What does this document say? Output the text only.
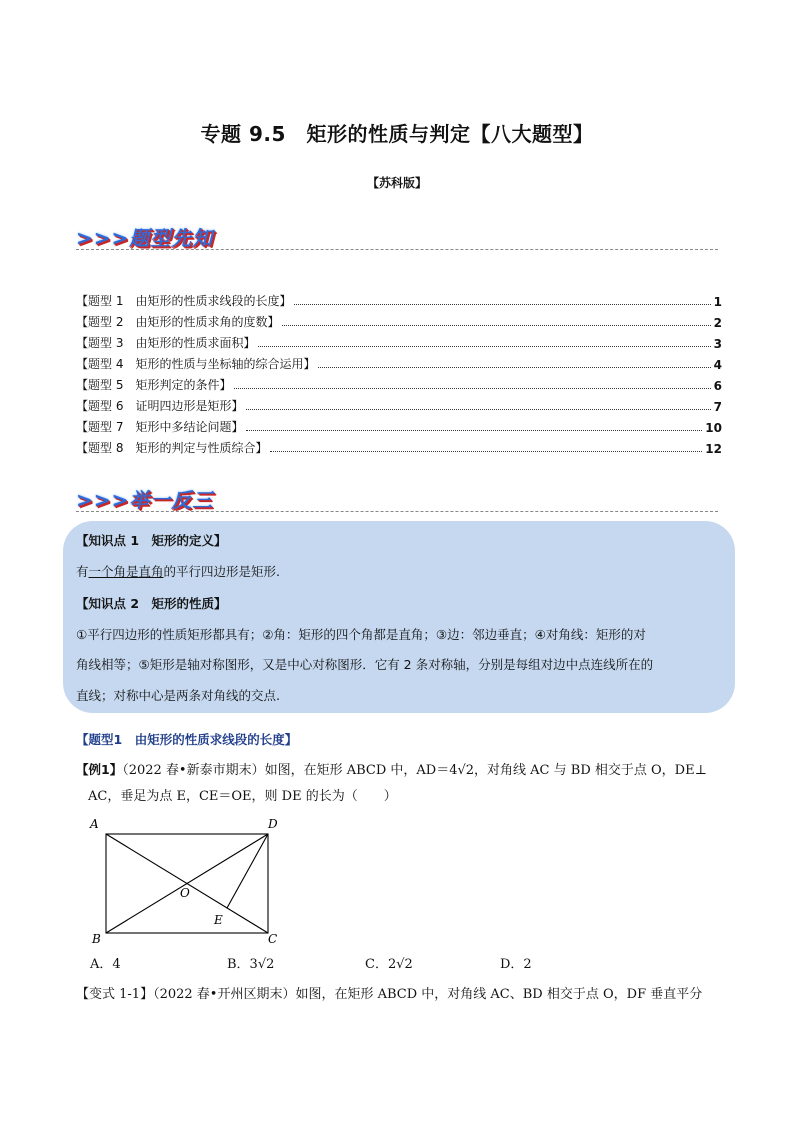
专题 9.5　矩形的性质与判定【八大题型】
【苏科版】
>>>题型先知
【题型 1　由矩形的性质求线段的长度】	1
【题型 2　由矩形的性质求角的度数】	2
【题型 3　由矩形的性质求面积】	3
【题型 4　矩形的性质与坐标轴的综合运用】	4
【题型 5　矩形判定的条件】	6
【题型 6　证明四边形是矩形】	7
【题型 7　矩形中多结论问题】	10
【题型 8　矩形的判定与性质综合】	12
>>>举一反三
【知识点 1　矩形的定义】
有一个角是直角的平行四边形是矩形.
【知识点 2　矩形的性质】
①平行四边形的性质矩形都具有；②角：矩形的四个角都是直角；③边：邻边垂直；④对角线：矩形的对
角线相等；⑤矩形是轴对称图形，又是中心对称图形．它有 2 条对称轴，分别是每组对边中点连线所在的
直线；对称中心是两条对角线的交点.
【题型1　由矩形的性质求线段的长度】
【例1】（2022 春•新泰市期末）如图，在矩形 ABCD 中，AD＝4√2，对角线 AC 与 BD 相交于点 O，DE⊥
AC，垂足为点 E，CE＝OE，则 DE 的长为（　　）
A	D
B	C
O
E
A．4	B．3√2	C．2√2	D．2
【变式 1-1】（2022 春•开州区期末）如图，在矩形 ABCD 中，对角线 AC、BD 相交于点 O，DF 垂直平分
